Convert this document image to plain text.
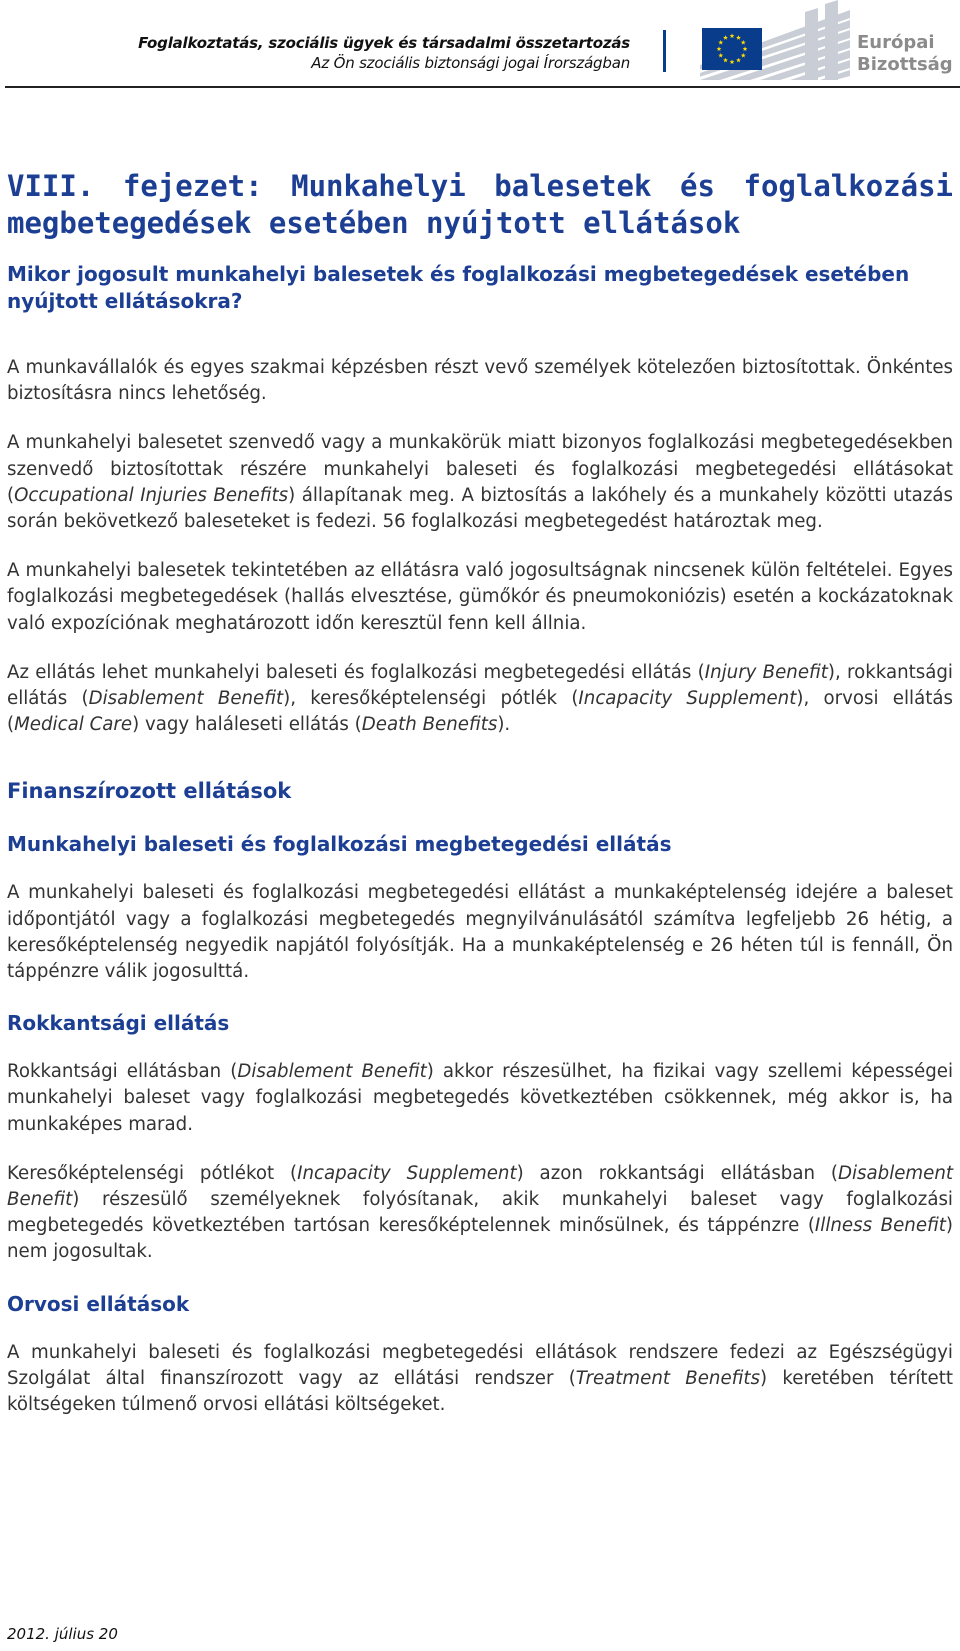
Foglalkoztatás, szociális ügyek és társadalmi összetartozás
Az Ön szociális biztonsági jogai Írországban
Európai
Bizottság
VIII. fejezet: Munkahelyi balesetek és foglalkozási
megbetegedések esetében nyújtott ellátások
Mikor jogosult munkahelyi balesetek és foglalkozási megbetegedések esetében nyújtott ellátásokra?

A munkavállalók és egyes szakmai képzésben részt vevő személyek kötelezően biztosítottak. Önkéntes biztosításra nincs lehetőség.

A munkahelyi balesetet szenvedő vagy a munkakörük miatt bizonyos foglalkozási megbetegedésekben szenvedő biztosítottak részére munkahelyi baleseti és foglalkozási megbetegedési ellátásokat (Occupational Injuries Benefits) állapítanak meg. A biztosítás a lakóhely és a munkahely közötti utazás során bekövetkező baleseteket is fedezi. 56 foglalkozási megbetegedést határoztak meg.

A munkahelyi balesetek tekintetében az ellátásra való jogosultságnak nincsenek külön feltételei. Egyes foglalkozási megbetegedések (hallás elvesztése, gümőkór és pneumokoniózis) esetén a kockázatoknak való expozíciónak meghatározott időn keresztül fenn kell állnia.

Az ellátás lehet munkahelyi baleseti és foglalkozási megbetegedési ellátás (Injury Benefit), rokkantsági ellátás (Disablement Benefit), keresőképtelenségi pótlék (Incapacity Supplement), orvosi ellátás (Medical Care) vagy haláleseti ellátás (Death Benefits).

Finanszírozott ellátások
Munkahelyi baleseti és foglalkozási megbetegedési ellátás

A munkahelyi baleseti és foglalkozási megbetegedési ellátást a munkaképtelenség idejére a baleset időpontjától vagy a foglalkozási megbetegedés megnyilvánulásától számítva legfeljebb 26 hétig, a keresőképtelenség negyedik napjától folyósítják. Ha a munkaképtelenség e 26 héten túl is fennáll, Ön táppénzre válik jogosulttá.

Rokkantsági ellátás

Rokkantsági ellátásban (Disablement Benefit) akkor részesülhet, ha fizikai vagy szellemi képességei munkahelyi baleset vagy foglalkozási megbetegedés következtében csökkennek, még akkor is, ha munkaképes marad.

Keresőképtelenségi pótlékot (Incapacity Supplement) azon rokkantsági ellátásban (Disablement Benefit) részesülő személyeknek folyósítanak, akik munkahelyi baleset vagy foglalkozási megbetegedés következtében tartósan keresőképtelennek minősülnek, és táppénzre (Illness Benefit) nem jogosultak.

Orvosi ellátások

A munkahelyi baleseti és foglalkozási megbetegedési ellátások rendszere fedezi az Egészségügyi Szolgálat által finanszírozott vagy az ellátási rendszer (Treatment Benefits) keretében térített költségeken túlmenő orvosi ellátási költségeket.

2012. július 20
